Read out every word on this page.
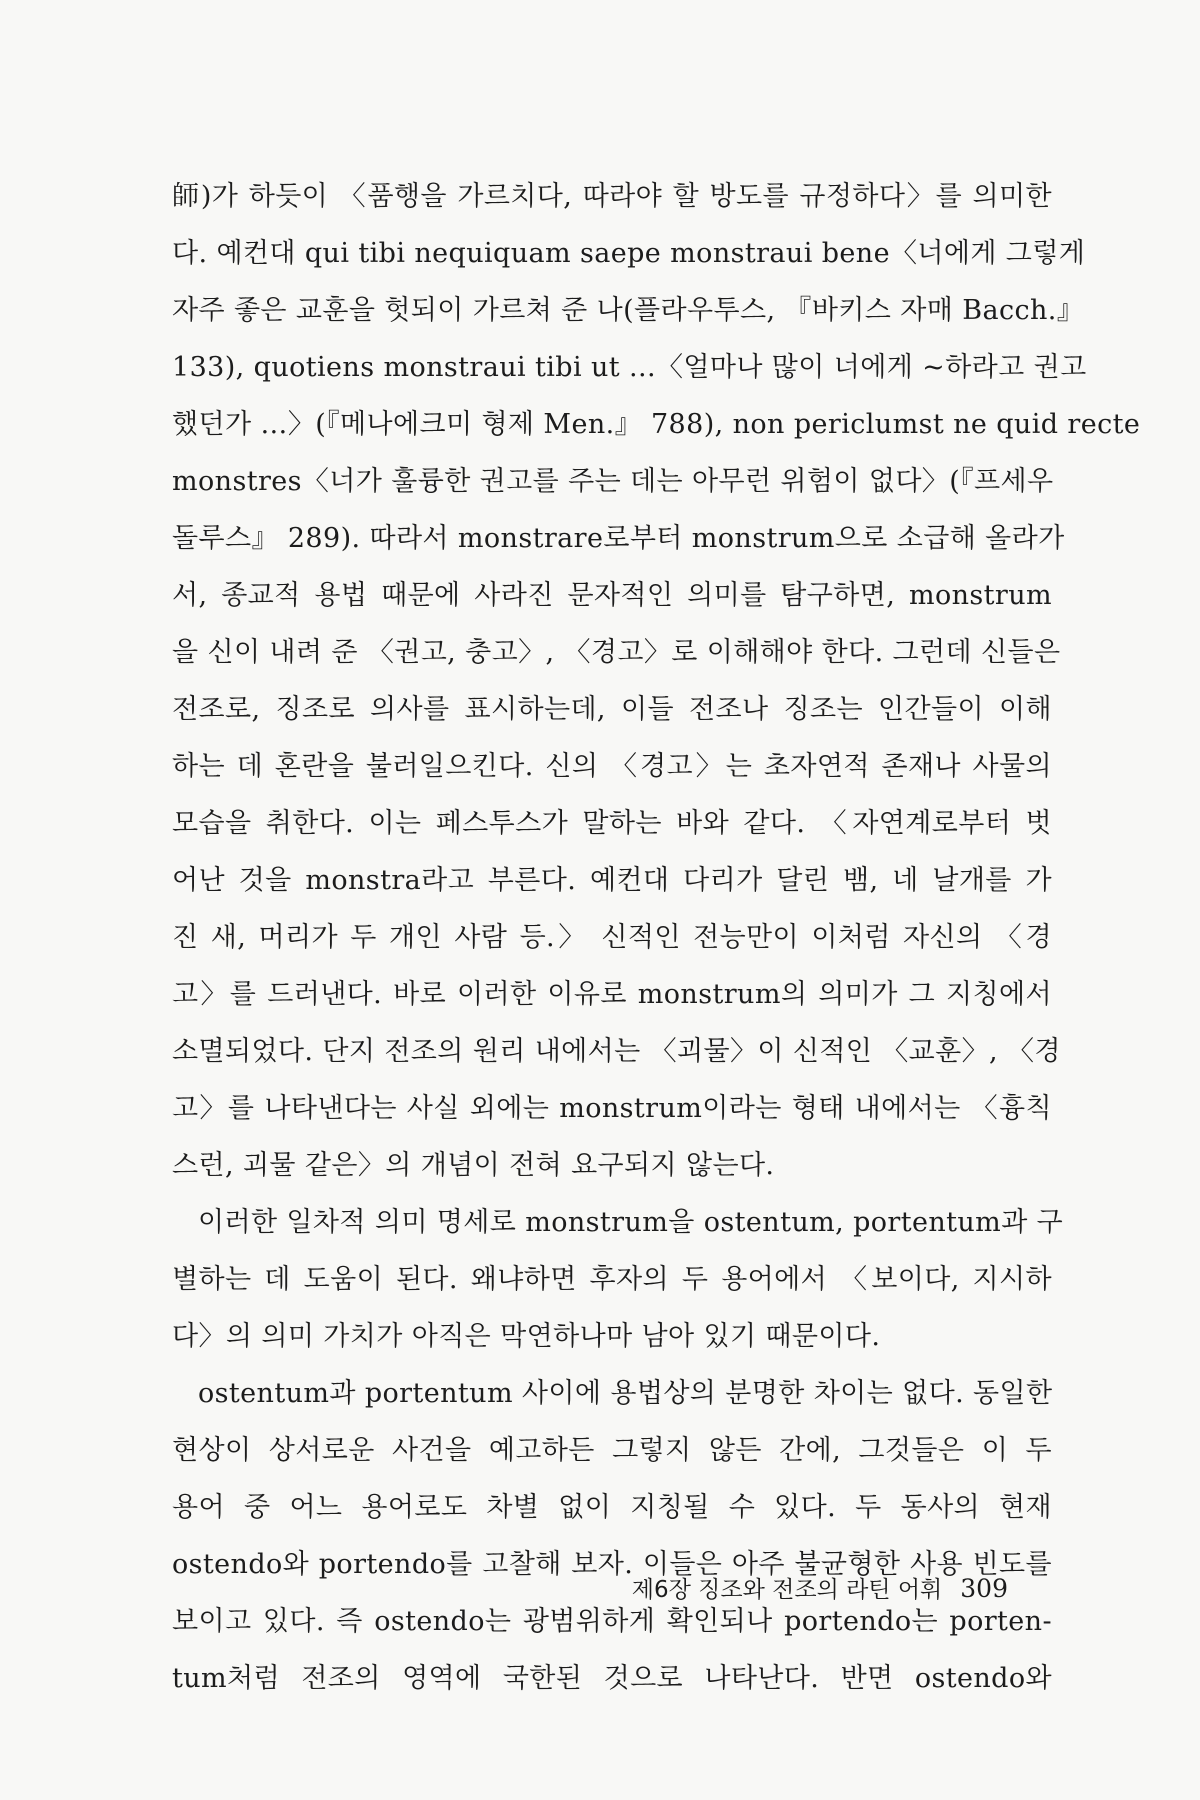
師)가 하듯이 〈품행을 가르치다, 따라야 할 방도를 규정하다〉를 의미한
다. 예컨대 qui tibi nequiquam saepe monstraui bene〈너에게 그렇게
자주 좋은 교훈을 헛되이 가르쳐 준 나(플라우투스, 『바키스 자매 Bacch.』
133), quotiens monstraui tibi ut ...〈얼마나 많이 너에게 ~하라고 권고
했던가 …〉(『메나에크미 형제 Men.』 788), non periclumst ne quid recte
monstres〈너가 훌륭한 권고를 주는 데는 아무런 위험이 없다〉(『프세우
돌루스』 289). 따라서 monstrare로부터 monstrum으로 소급해 올라가
서, 종교적 용법 때문에 사라진 문자적인 의미를 탐구하면, monstrum
을 신이 내려 준 〈권고, 충고〉, 〈경고〉로 이해해야 한다. 그런데 신들은
전조로, 징조로 의사를 표시하는데, 이들 전조나 징조는 인간들이 이해
하는 데 혼란을 불러일으킨다. 신의 〈경고〉는 초자연적 존재나 사물의
모습을 취한다. 이는 페스투스가 말하는 바와 같다. 〈자연계로부터 벗
어난 것을 monstra라고 부른다. 예컨대 다리가 달린 뱀, 네 날개를 가
진 새, 머리가 두 개인 사람 등.〉 신적인 전능만이 이처럼 자신의 〈경
고〉를 드러낸다. 바로 이러한 이유로 monstrum의 의미가 그 지칭에서
소멸되었다. 단지 전조의 원리 내에서는 〈괴물〉이 신적인 〈교훈〉, 〈경
고〉를 나타낸다는 사실 외에는 monstrum이라는 형태 내에서는 〈흉칙
스런, 괴물 같은〉의 개념이 전혀 요구되지 않는다.
이러한 일차적 의미 명세로 monstrum을 ostentum, portentum과 구
별하는 데 도움이 된다. 왜냐하면 후자의 두 용어에서 〈보이다, 지시하
다〉의 의미 가치가 아직은 막연하나마 남아 있기 때문이다.
ostentum과 portentum 사이에 용법상의 분명한 차이는 없다. 동일한
현상이 상서로운 사건을 예고하든 그렇지 않든 간에, 그것들은 이 두
용어 중 어느 용어로도 차별 없이 지칭될 수 있다. 두 동사의 현재
ostendo와 portendo를 고찰해 보자. 이들은 아주 불균형한 사용 빈도를
보이고 있다. 즉 ostendo는 광범위하게 확인되나 portendo는 porten-
tum처럼 전조의 영역에 국한된 것으로 나타난다. 반면 ostendo와
제6장 징조와 전조의 라틴 어휘 309
